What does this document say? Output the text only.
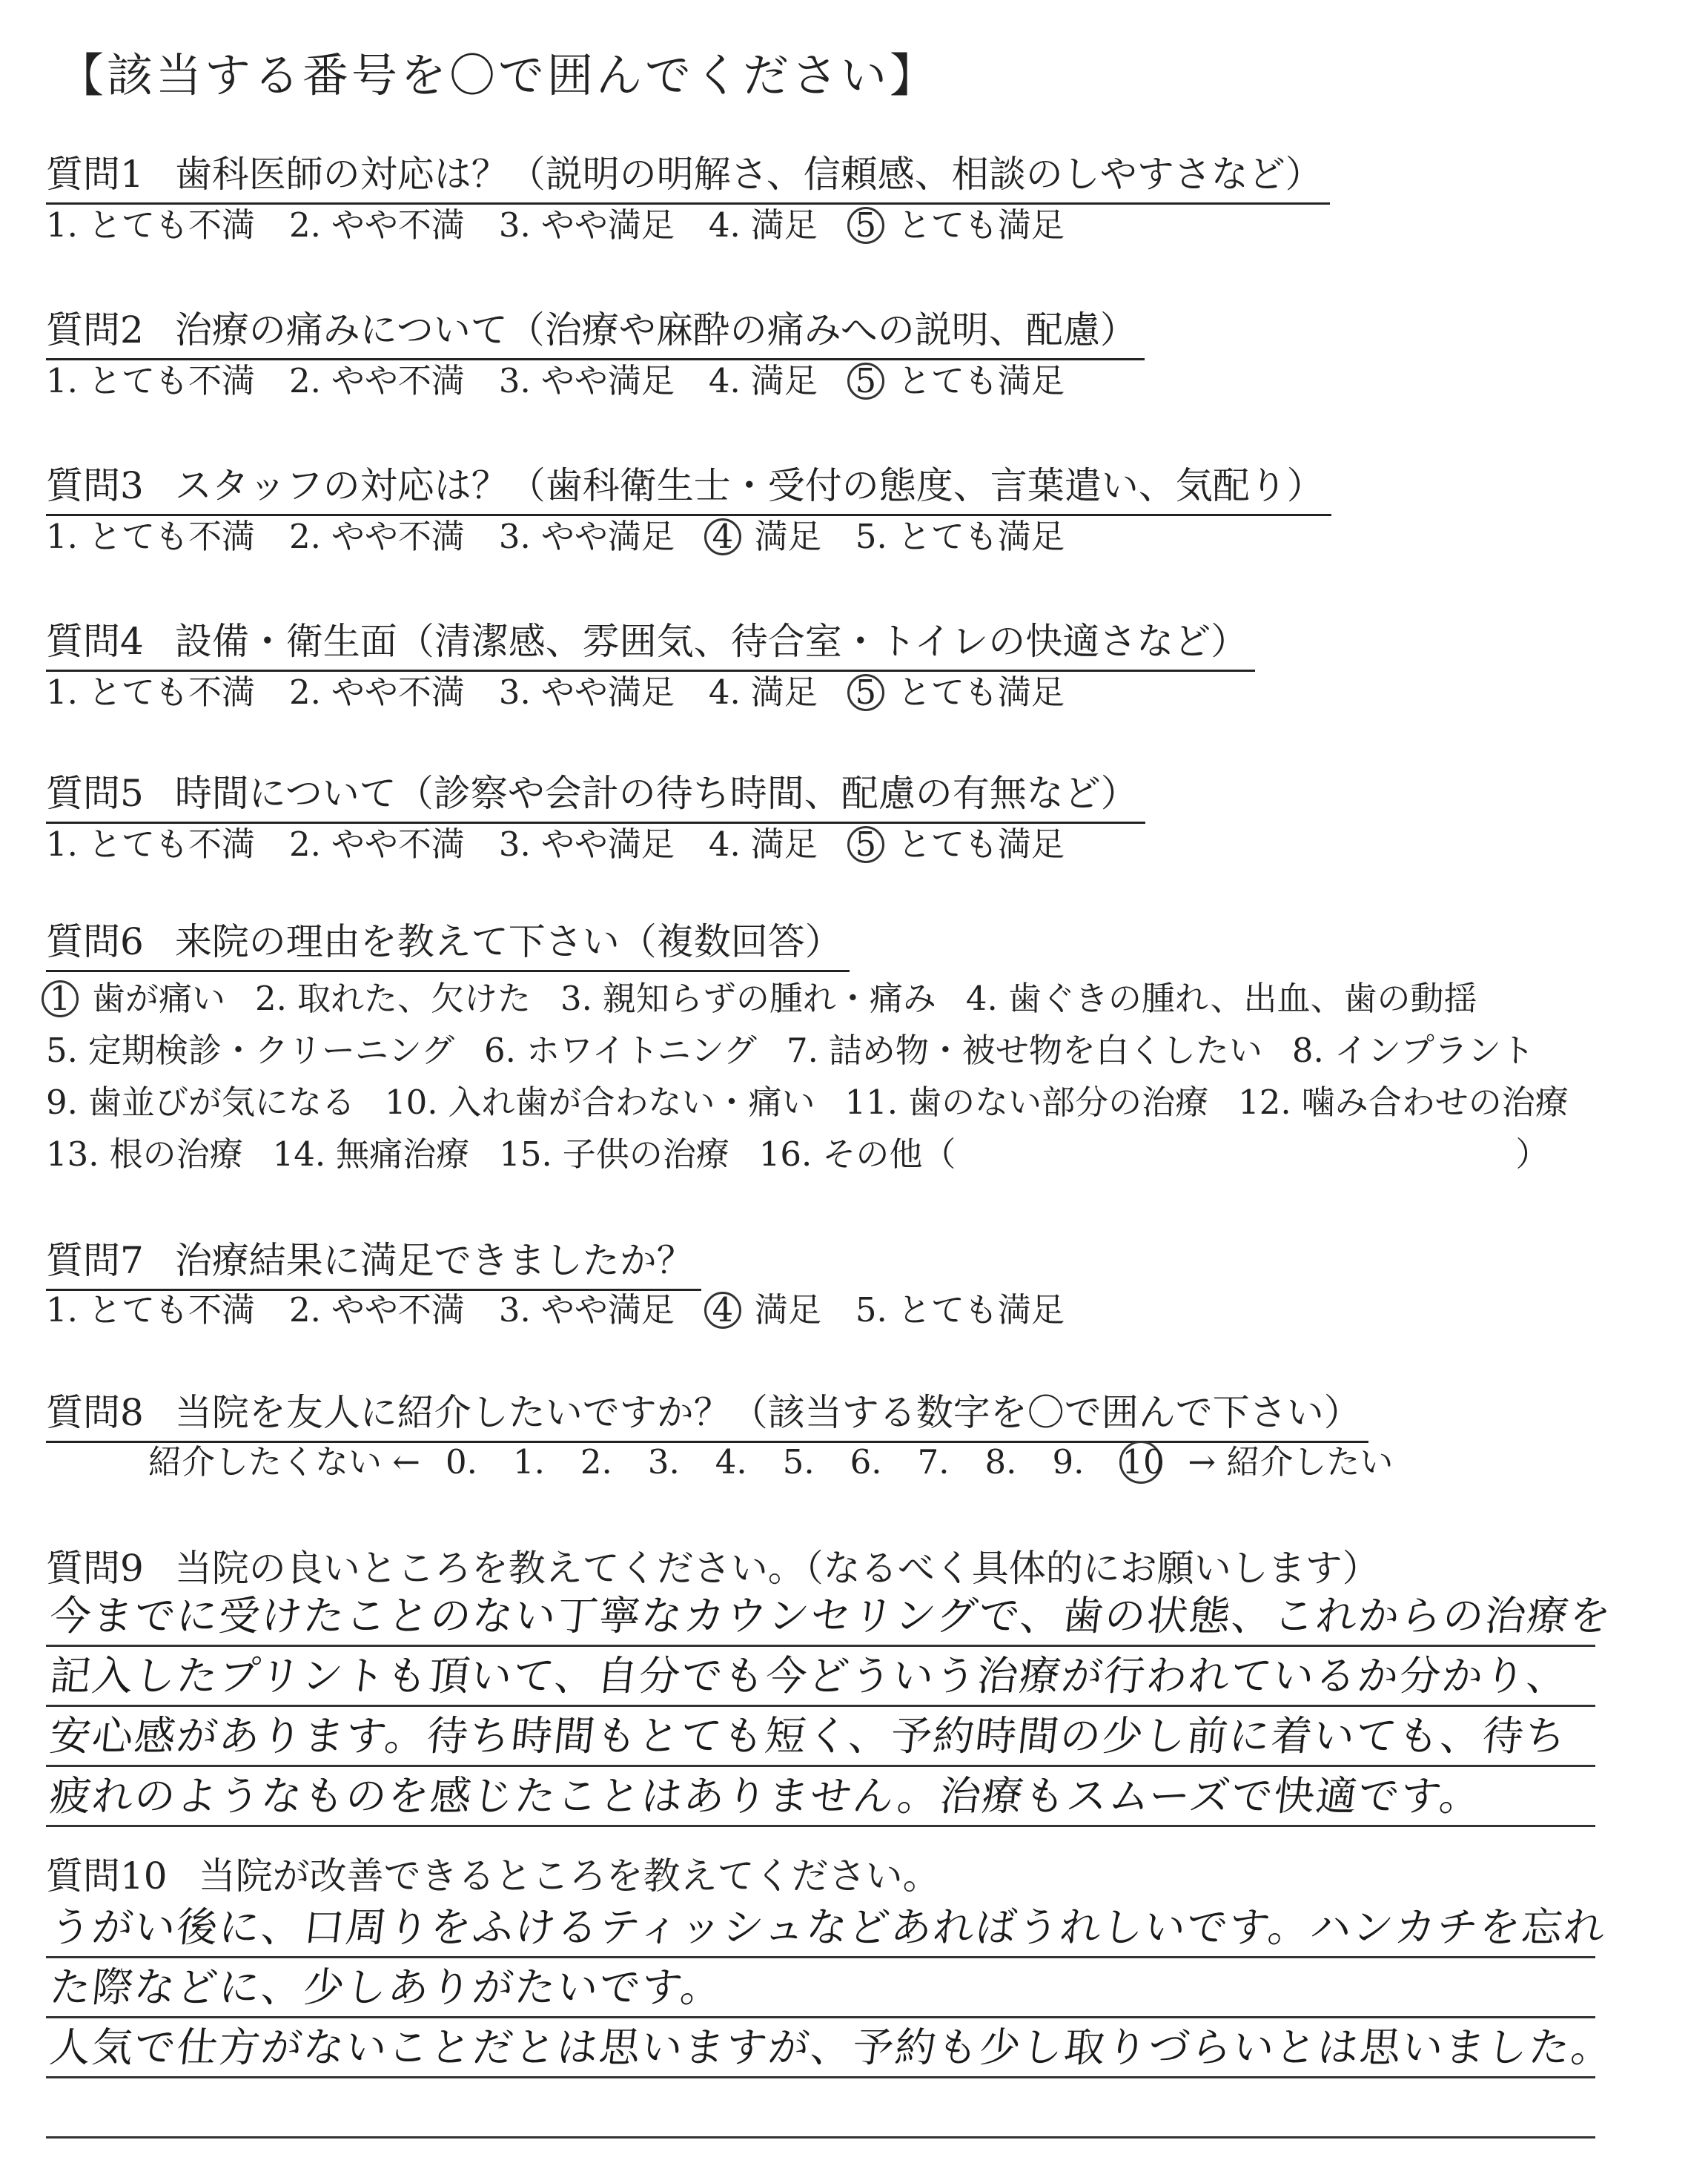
【該当する番号を〇で囲んでください】
質問1 歯科医師の対応は？（説明の明解さ、信頼感、相談のしやすさなど）
1. とても不満 2. やや不満 3. やや満足 4. 満足 5 とても満足
質問2 治療の痛みについて（治療や麻酔の痛みへの説明、配慮）
1. とても不満 2. やや不満 3. やや満足 4. 満足 5 とても満足
質問3 スタッフの対応は？（歯科衛生士・受付の態度、言葉遣い、気配り）
1. とても不満 2. やや不満 3. やや満足 4 満足 5. とても満足
質問4 設備・衛生面（清潔感、雰囲気、待合室・トイレの快適さなど）
1. とても不満 2. やや不満 3. やや満足 4. 満足 5 とても満足
質問5 時間について（診察や会計の待ち時間、配慮の有無など）
1. とても不満 2. やや不満 3. やや満足 4. 満足 5 とても満足
質問6 来院の理由を教えて下さい（複数回答）
1 歯が痛い 2. 取れた、欠けた 3. 親知らずの腫れ・痛み 4. 歯ぐきの腫れ、出血、歯の動揺
5. 定期検診・クリーニング 6. ホワイトニング 7. 詰め物・被せ物を白くしたい 8. インプラント
9. 歯並びが気になる 10. 入れ歯が合わない・痛い 11. 歯のない部分の治療 12. 噛み合わせの治療
13. 根の治療 14. 無痛治療 15. 子供の治療 16. その他（	）
質問7 治療結果に満足できましたか？
1. とても不満 2. やや不満 3. やや満足 4 満足 5. とても満足
質問8 当院を友人に紹介したいですか？（該当する数字を〇で囲んで下さい）
紹介したくない ← 0. 1. 2. 3. 4. 5. 6. 7. 8. 9. 10 → 紹介したい
質問9 当院の良いところを教えてください。（なるべく具体的にお願いします）
今までに受けたことのない丁寧なカウンセリングで、歯の状態、これからの治療を
記入したプリントも頂いて、自分でも今どういう治療が行われているか分かり、
安心感があります。待ち時間もとても短く、予約時間の少し前に着いても、待ち
疲れのようなものを感じたことはありません。治療もスムーズで快適です。
質問10 当院が改善できるところを教えてください。
うがい後に、口周りをふけるティッシュなどあればうれしいです。ハンカチを忘れ
た際などに、少しありがたいです。
人気で仕方がないことだとは思いますが、予約も少し取りづらいとは思いました。
